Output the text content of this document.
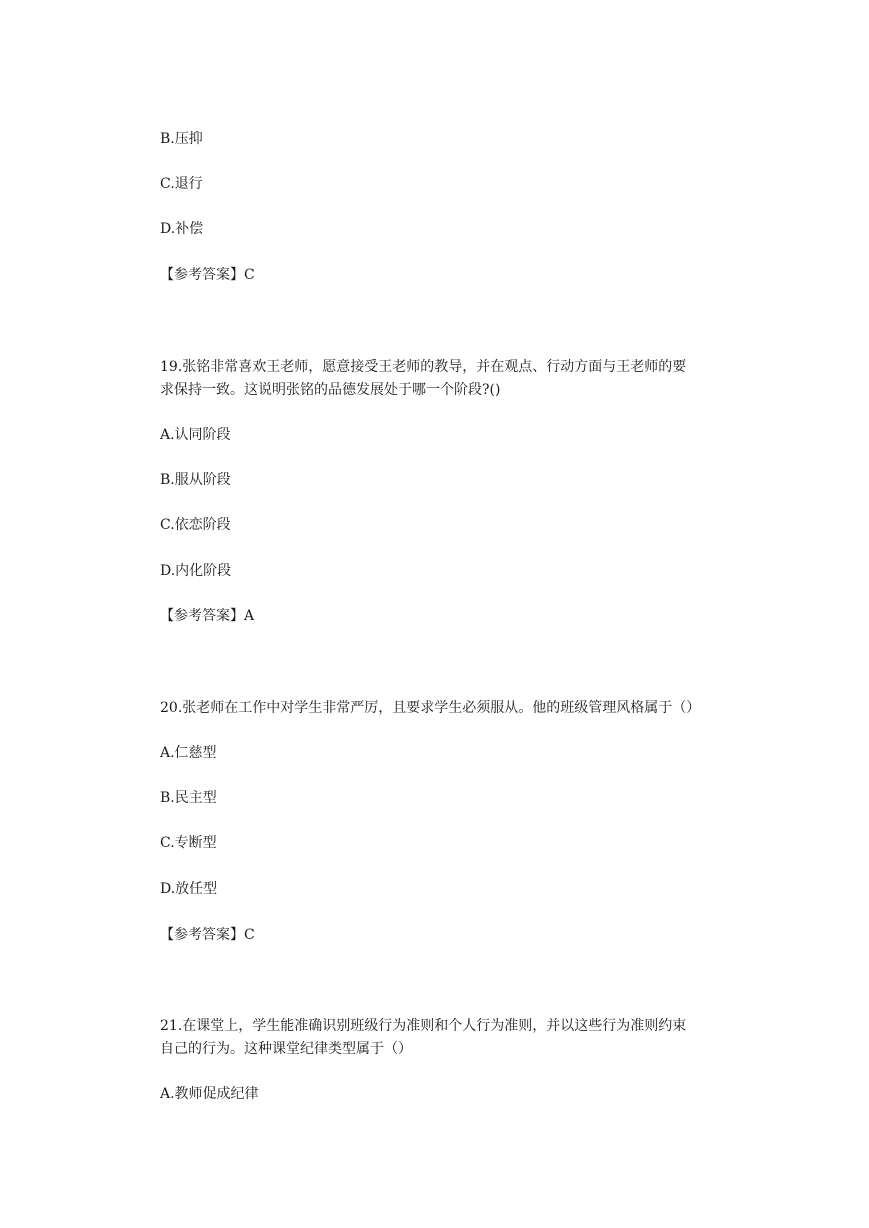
B.压抑
C.退行
D.补偿
【参考答案】C
19.张铭非常喜欢王老师，愿意接受王老师的教导，并在观点、行动方面与王老师的要
求保持一致。这说明张铭的品德发展处于哪一个阶段?()
A.认同阶段
B.服从阶段
C.依恋阶段
D.内化阶段
【参考答案】A
20.张老师在工作中对学生非常严厉，且要求学生必须服从。他的班级管理风格属于（）
A.仁慈型
B.民主型
C.专断型
D.放任型
【参考答案】C
21.在课堂上，学生能准确识别班级行为准则和个人行为准则，并以这些行为准则约束
自己的行为。这种课堂纪律类型属于（）
A.教师促成纪律
